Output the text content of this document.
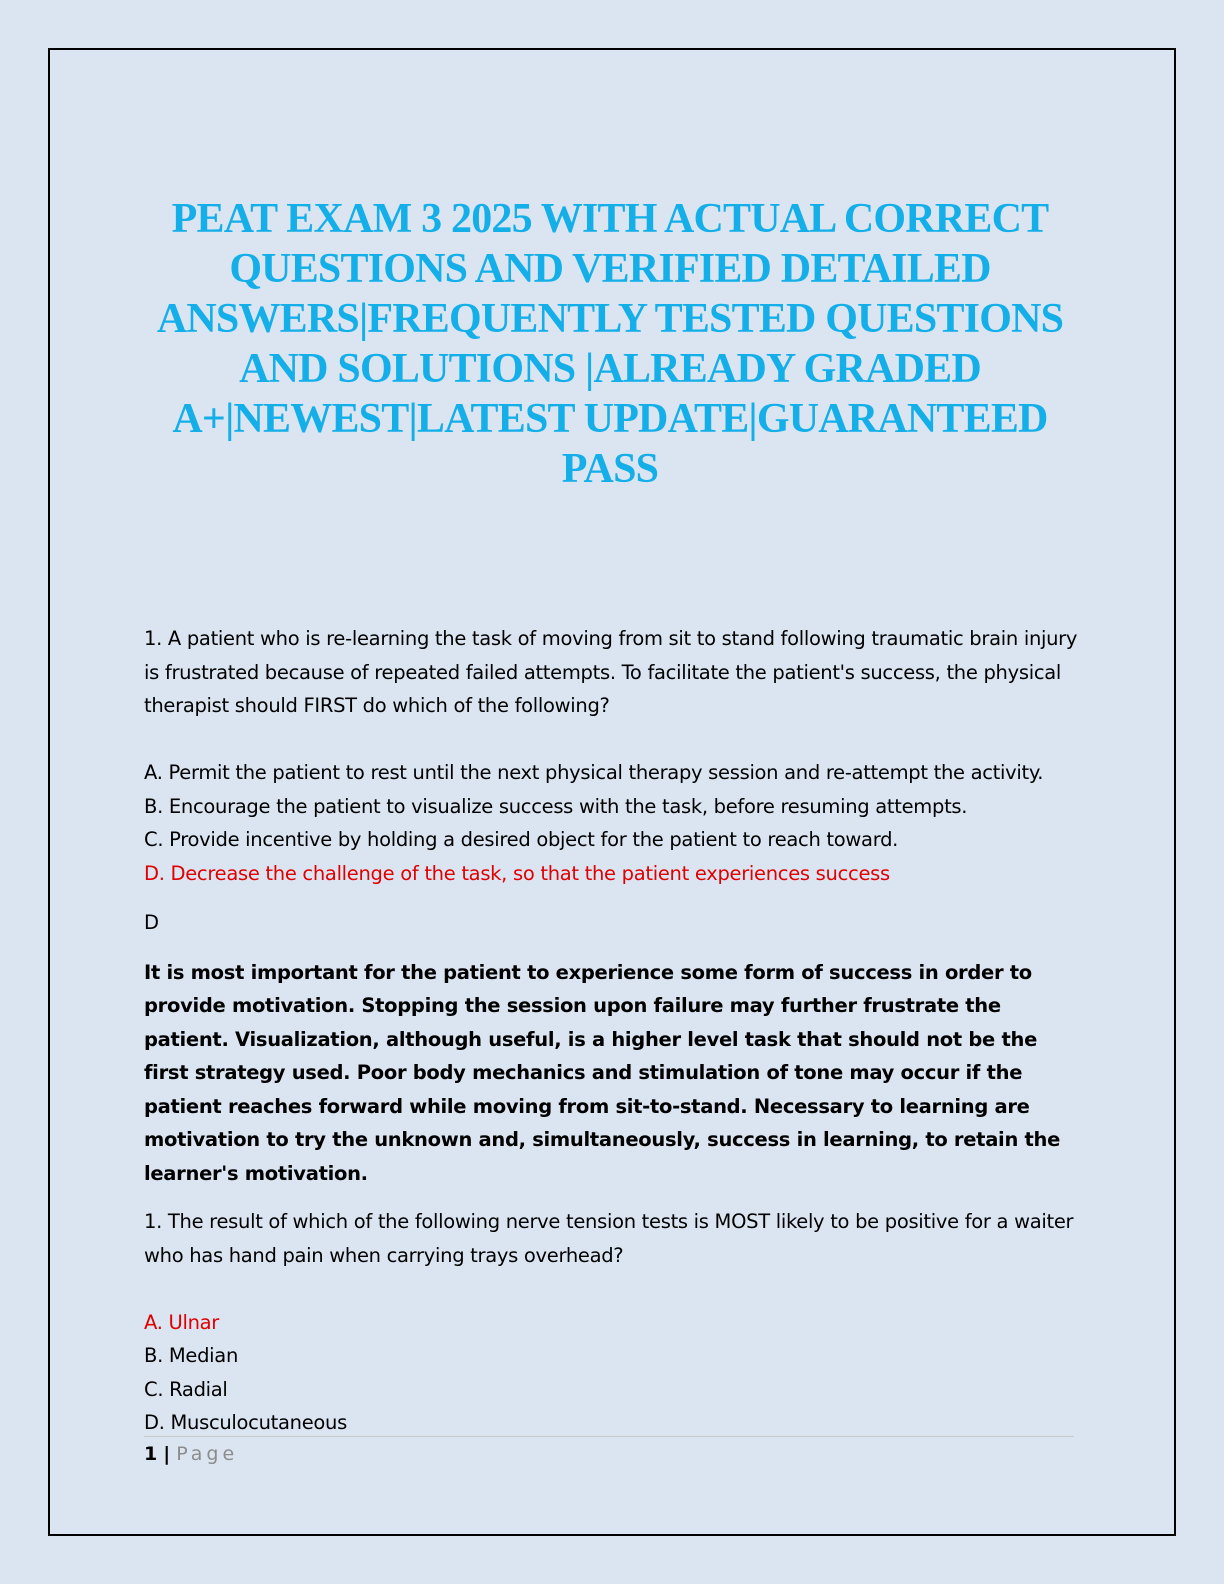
PEAT EXAM 3 2025 WITH ACTUAL CORRECT QUESTIONS AND VERIFIED DETAILED ANSWERS|FREQUENTLY TESTED QUESTIONS AND SOLUTIONS |ALREADY GRADED A+|NEWEST|LATEST UPDATE|GUARANTEED PASS

1. A patient who is re-learning the task of moving from sit to stand following traumatic brain injury is frustrated because of repeated failed attempts. To facilitate the patient's success, the physical therapist should FIRST do which of the following?

A. Permit the patient to rest until the next physical therapy session and re-attempt the activity.

B. Encourage the patient to visualize success with the task, before resuming attempts.

C. Provide incentive by holding a desired object for the patient to reach toward.

D. Decrease the challenge of the task, so that the patient experiences success

D

It is most important for the patient to experience some form of success in order to provide motivation. Stopping the session upon failure may further frustrate the patient. Visualization, although useful, is a higher level task that should not be the first strategy used. Poor body mechanics and stimulation of tone may occur if the patient reaches forward while moving from sit-to-stand. Necessary to learning are motivation to try the unknown and, simultaneously, success in learning, to retain the learner's motivation.

1. The result of which of the following nerve tension tests is MOST likely to be positive for a waiter who has hand pain when carrying trays overhead?

A. Ulnar

B. Median

C. Radial

D. Musculocutaneous

1 | Page
